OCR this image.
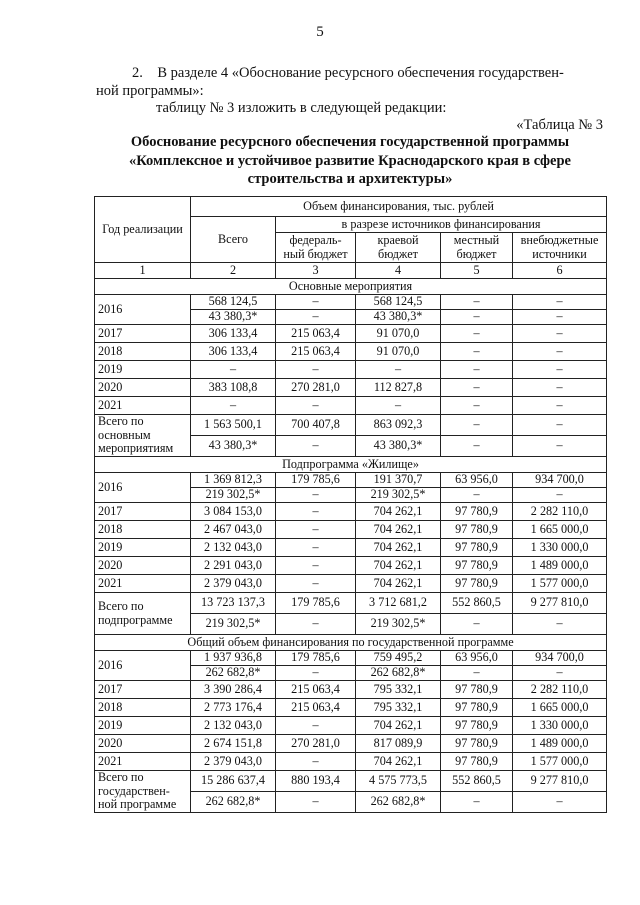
5
2.    В разделе 4 «Обоснование ресурсного обеспечения государствен-
ной программы»:
таблицу № 3 изложить в следующей редакции:
«Таблица № 3
Обоснование ресурсного обеспечения государственной программы
«Комплексное и устойчивое развитие Краснодарского края в сфере
строительства и архитектуры»
Год реализации	Объем финансирования, тыс. рублей				
	Всего	в разрезе источников финансирования			
		федераль-ный бюджет	краевой бюджет	местный бюджет	внебюджетные источники
1	2	3	4	5	6
Основные мероприятия					
2016	568 124,5	–	568 124,5	–	–
	43 380,3*	–	43 380,3*	–	–
2017	306 133,4	215 063,4	91 070,0	–	–
2018	306 133,4	215 063,4	91 070,0	–	–
2019	–	–	–	–	–
2020	383 108,8	270 281,0	112 827,8	–	–
2021	–	–	–	–	–
Всего по основным мероприятиям	1 563 500,1	700 407,8	863 092,3	–	–
	43 380,3*	–	43 380,3*	–	–
Подпрограмма «Жилище»					
2016	1 369 812,3	179 785,6	191 370,7	63 956,0	934 700,0
	219 302,5*	–	219 302,5*	–	–
2017	3 084 153,0	–	704 262,1	97 780,9	2 282 110,0
2018	2 467 043,0	–	704 262,1	97 780,9	1 665 000,0
2019	2 132 043,0	–	704 262,1	97 780,9	1 330 000,0
2020	2 291 043,0	–	704 262,1	97 780,9	1 489 000,0
2021	2 379 043,0	–	704 262,1	97 780,9	1 577 000,0
Всего по подпрограмме	13 723 137,3	179 785,6	3 712 681,2	552 860,5	9 277 810,0
	219 302,5*	–	219 302,5*	–	–
Общий объем финансирования по государственной программе					
2016	1 937 936,8	179 785,6	759 495,2	63 956,0	934 700,0
	262 682,8*	–	262 682,8*	–	–
2017	3 390 286,4	215 063,4	795 332,1	97 780,9	2 282 110,0
2018	2 773 176,4	215 063,4	795 332,1	97 780,9	1 665 000,0
2019	2 132 043,0	–	704 262,1	97 780,9	1 330 000,0
2020	2 674 151,8	270 281,0	817 089,9	97 780,9	1 489 000,0
2021	2 379 043,0	–	704 262,1	97 780,9	1 577 000,0
Всего по государствен-ной программе	15 286 637,4	880 193,4	4 575 773,5	552 860,5	9 277 810,0
	262 682,8*	–	262 682,8*	–	–
